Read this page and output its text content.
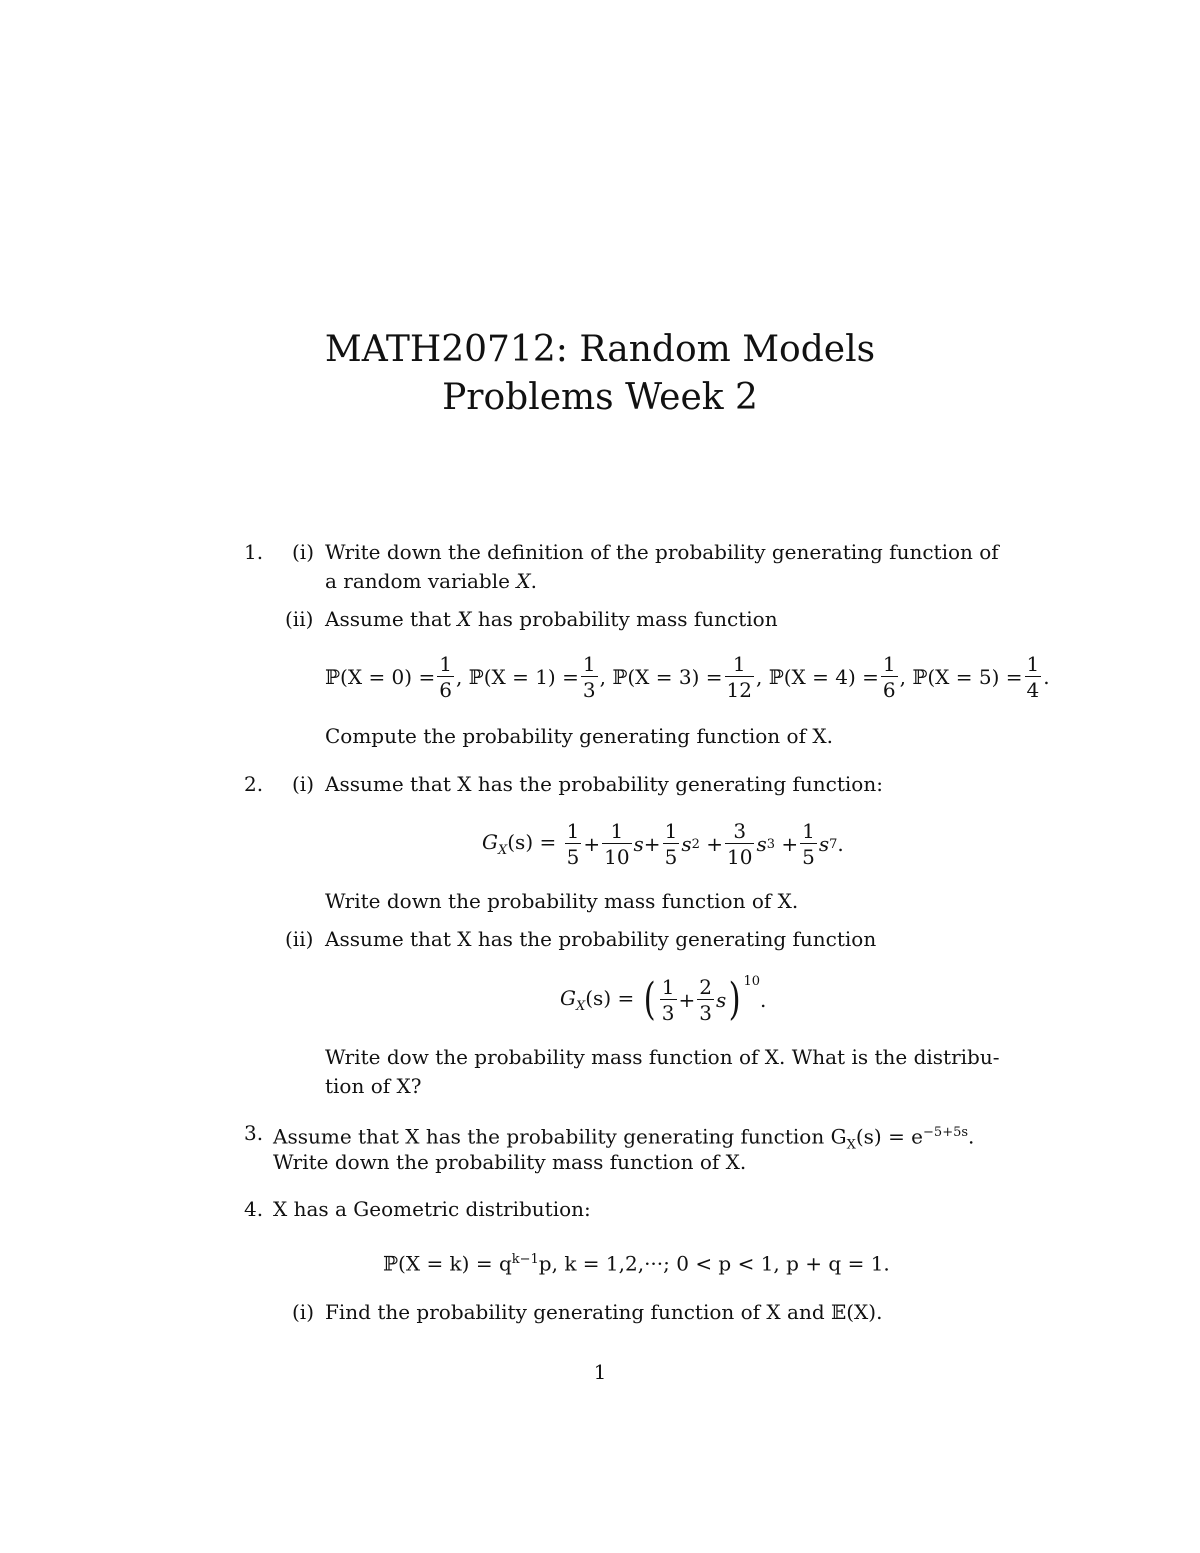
MATH20712: Random Models
Problems Week 2
1. (i) Write down the definition of the probability generating function of
a random variable X.
(ii) Assume that X has probability mass function
ℙ(X = $0) = \frac{1}{6}$ ,
ℙ(X = $1) = \frac{1}{3}$ ,
ℙ(X = $3) = \frac{1}{12}$ ,
ℙ(X = $4) = \frac{1}{6}$ ,
ℙ(X = $5) = \frac{1}{4}$ .
Compute the probability generating function of X.
2. (i) Assume that X has the probability generating function:
$G_X(s)$ =
$\frac{1}{5} + \frac{1}{10} s+ \frac{1}{5}$ s $2 + \frac{3}{10}$ s $3 + \frac{1}{5}$ s 7 .
Write down the probability mass function of X.
(ii) Assume that X has the probability generating function
$G_X(s)$ =
( $\frac{1}{3} + \frac{2}{3}$ s )$^{10}$
.
Write dow the probability mass function of X. What is the distribu-
tion of X?
3. Assume that X has the probability generating function $G_X(s) = e^{-5+5s}$.
Write down the probability mass function of X.
4. X has a Geometric distribution:
ℙ(X = $k) = q^{k-1}p$, k = 1,2,···; 0 < p < 1, p + q = 1.
(i) Find the probability generating function of X and 𝔼(X).
1
